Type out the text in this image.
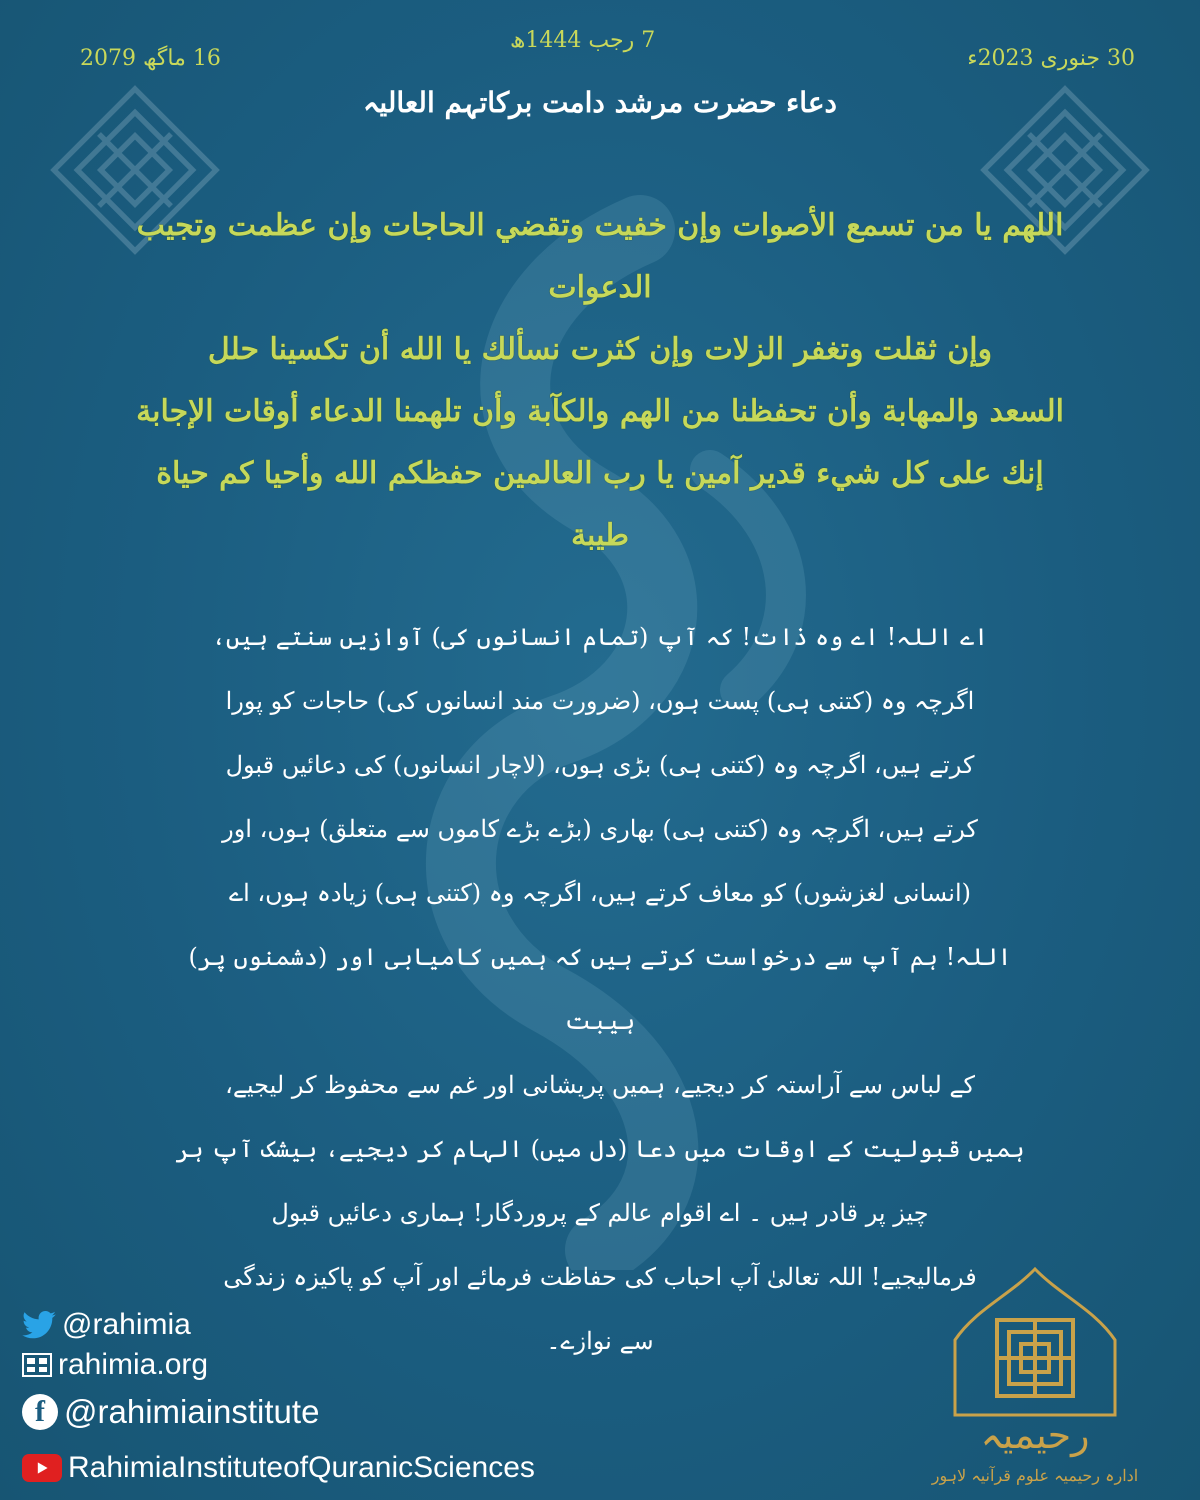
30 جنوری 2023ء
7 رجب 1444ھ
16 ماگھ 2079
دعاء حضرت مرشد دامت برکاتہم العالیہ
اللهم يا من تسمع الأصوات وإن خفيت وتقضي الحاجات وإن عظمت وتجيب الدعوات
وإن ثقلت وتغفر الزلات وإن كثرت نسألك يا الله أن تكسينا حلل
السعد والمهابة وأن تحفظنا من الهم والكآبة وأن تلهمنا الدعاء أوقات الإجابة
إنك على كل شيء قدير آمين يا رب العالمين حفظكم الله وأحيا كم حياة
طيبة
اے اللہ! اے وہ ذات! کہ آپ (تمام انسانوں کی) آوازیں سنتے ہیں،
اگرچہ وہ (کتنی ہی) پست ہوں، (ضرورت مند انسانوں کی) حاجات کو پورا
کرتے ہیں، اگرچہ وہ (کتنی ہی) بڑی ہوں، (لاچار انسانوں) کی دعائیں قبول
کرتے ہیں، اگرچہ وہ (کتنی ہی) بھاری (بڑے بڑے کاموں سے متعلق) ہوں، اور
(انسانی لغزشوں) کو معاف کرتے ہیں، اگرچہ وہ (کتنی ہی) زیادہ ہوں، اے
اللہ! ہم آپ سے درخواست کرتے ہیں کہ ہمیں کامیابی اور (دشمنوں پر) ہیبت
کے لباس سے آراستہ کر دیجیے، ہمیں پریشانی اور غم سے محفوظ کر لیجیے،
ہمیں قبولیت کے اوقات میں دعا (دل میں) الہام کر دیجیے، بیشک آپ ہر
چیز پر قادر ہیں ۔ اے اقوام عالم کے پروردگار! ہماری دعائیں قبول
فرمالیجیے! اللہ تعالیٰ آپ احباب کی حفاظت فرمائے اور آپ کو پاکیزہ زندگی
سے نوازے۔
@rahimia
rahimia.org
f @rahimiainstitute
RahimiaInstituteofQuranicSciences
رحیمیہ
ادارہ رحیمیہ علوم قرآنیہ لاہور
